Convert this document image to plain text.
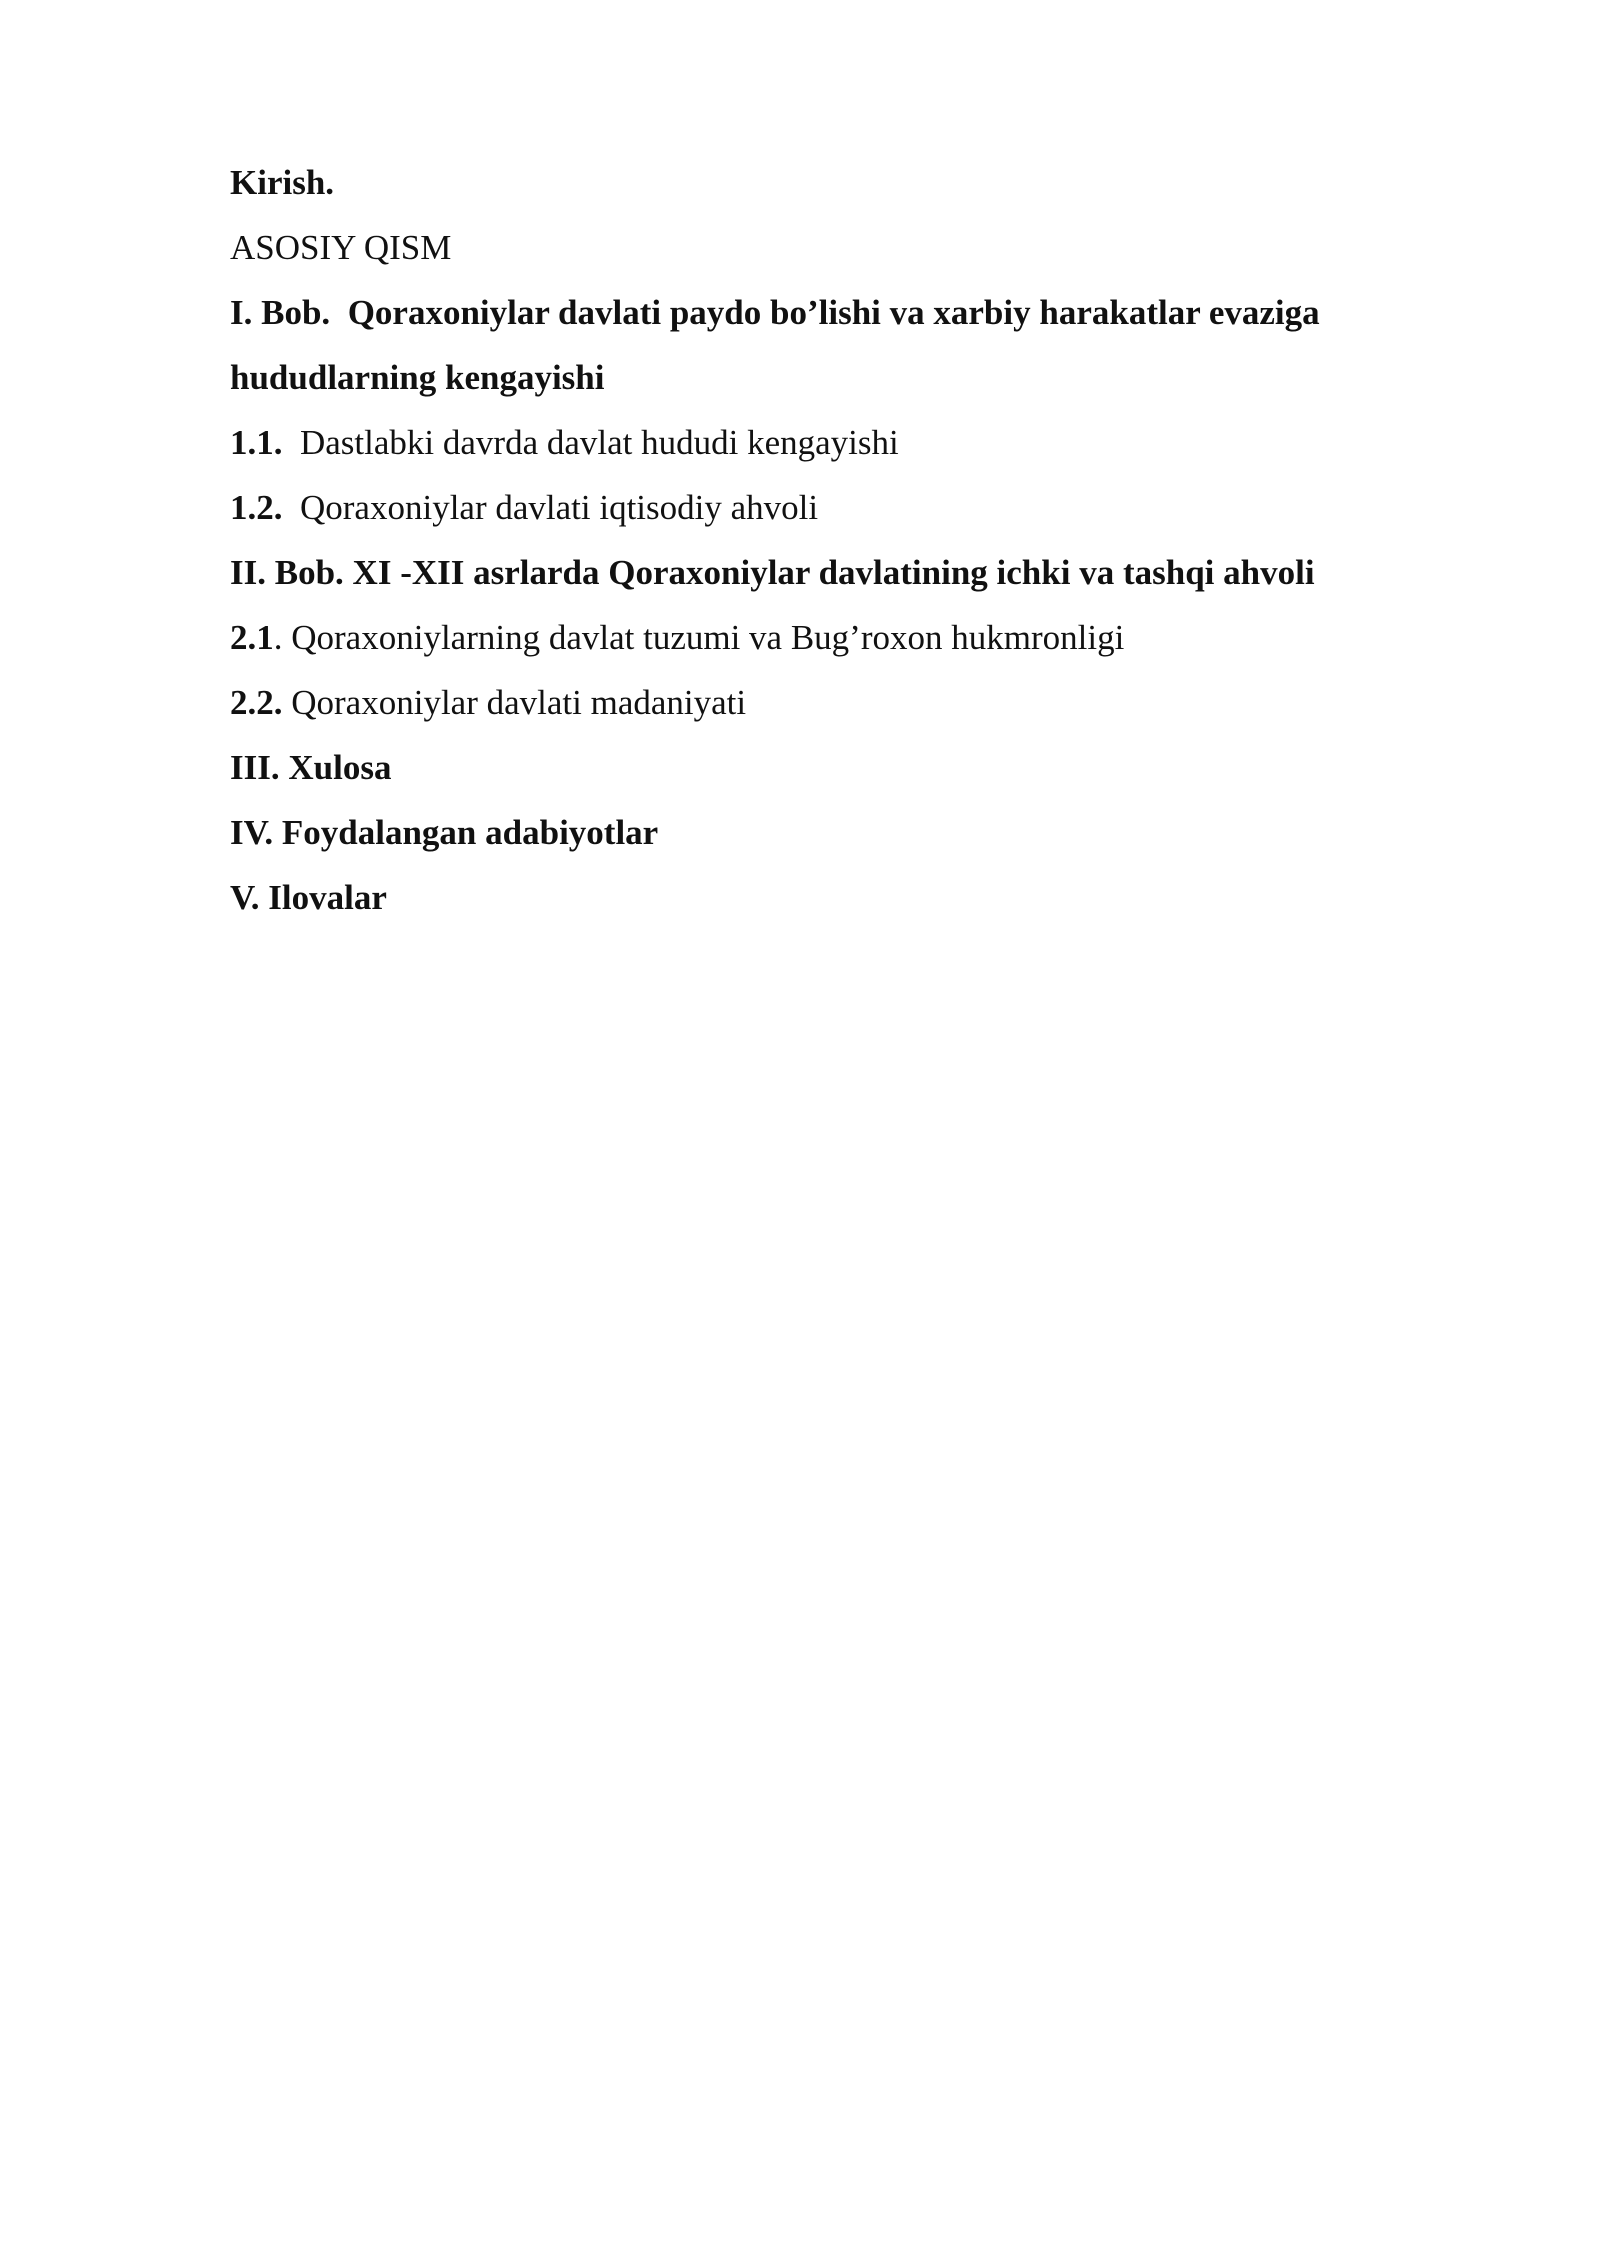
Kirish.
ASOSIY QISM
I. Bob. Qoraxoniylar davlati paydo bo’lishi va xarbiy harakatlar evaziga hududlarning kengayishi
1.1. Dastlabki davrda davlat hududi kengayishi
1.2. Qoraxoniylar davlati iqtisodiy ahvoli
II. Bob. XI -XII asrlarda Qoraxoniylar davlatining ichki va tashqi ahvoli
2.1. Qoraxoniylarning davlat tuzumi va Bug’roxon hukmronligi
2.2. Qoraxoniylar davlati madaniyati
III. Xulosa
IV. Foydalangan adabiyotlar
V. Ilovalar
